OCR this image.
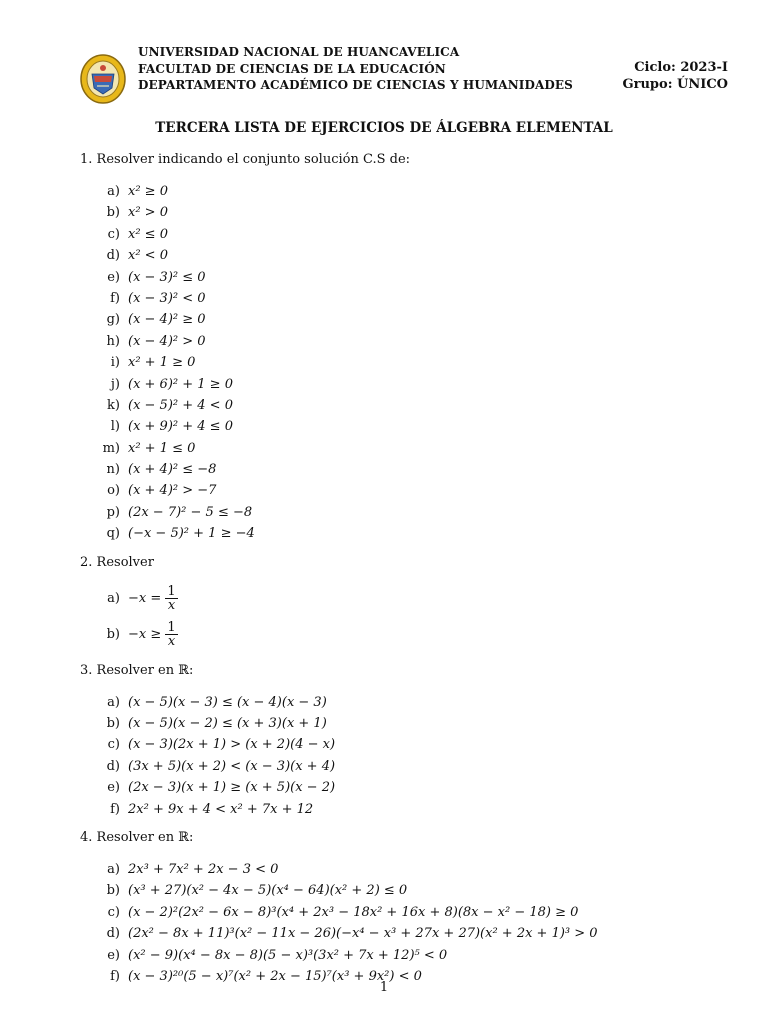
UNIVERSIDAD NACIONAL DE HUANCAVELICA
FACULTAD DE CIENCIAS DE LA EDUCACIÓN
DEPARTAMENTO ACADÉMICO DE CIENCIAS Y HUMANIDADES
Ciclo: 2023-I
Grupo: ÚNICO
TERCERA LISTA DE EJERCICIOS DE ÁLGEBRA ELEMENTAL

1. Resolver indicando el conjunto solución C.S de:

a) x² ≥ 0
b) x² > 0
c) x² ≤ 0
d) x² < 0
e) (x − 3)² ≤ 0
f) (x − 3)² < 0
g) (x − 4)² ≥ 0
h) (x − 4)² > 0
i) x² + 1 ≥ 0
j) (x + 6)² + 1 ≥ 0
k) (x − 5)² + 4 < 0
l) (x + 9)² + 4 ≤ 0
m) x² + 1 ≤ 0
n) (x + 4)² ≤ −8
o) (x + 4)² > −7
p) (2x − 7)² − 5 ≤ −8
q) (−x − 5)² + 1 ≥ −4

2. Resolver

$a) -x = \frac{1}{x}$
$b) -x \ge \frac{1}{x}$

3. Resolver en ℝ:

a) (x − 5)(x − 3) ≤ (x − 4)(x − 3)
b) (x − 5)(x − 2) ≤ (x + 3)(x + 1)
c) (x − 3)(2x + 1) > (x + 2)(4 − x)
d) (3x + 5)(x + 2) < (x − 3)(x + 4)
e) (2x − 3)(x + 1) ≥ (x + 5)(x − 2)
f) 2x² + 9x + 4 < x² + 7x + 12

4. Resolver en ℝ:

a) 2x³ + 7x² + 2x − 3 < 0
b) (x³ + 27)(x² − 4x − 5)(x⁴ − 64)(x² + 2) ≤ 0
c) (x − 2)²(2x² − 6x − 8)³(x⁴ + 2x³ − 18x² + 16x + 8)(8x − x² − 18) ≥ 0
d) (2x² − 8x + 11)³(x² − 11x − 26)(−x⁴ − x³ + 27x + 27)(x² + 2x + 1)³ > 0
e) (x² − 9)(x⁴ − 8x − 8)(5 − x)³(3x² + 7x + 12)⁵ < 0
f) (x − 3)²⁰(5 − x)⁷(x² + 2x − 15)⁷(x³ + 9x²) < 0
1
